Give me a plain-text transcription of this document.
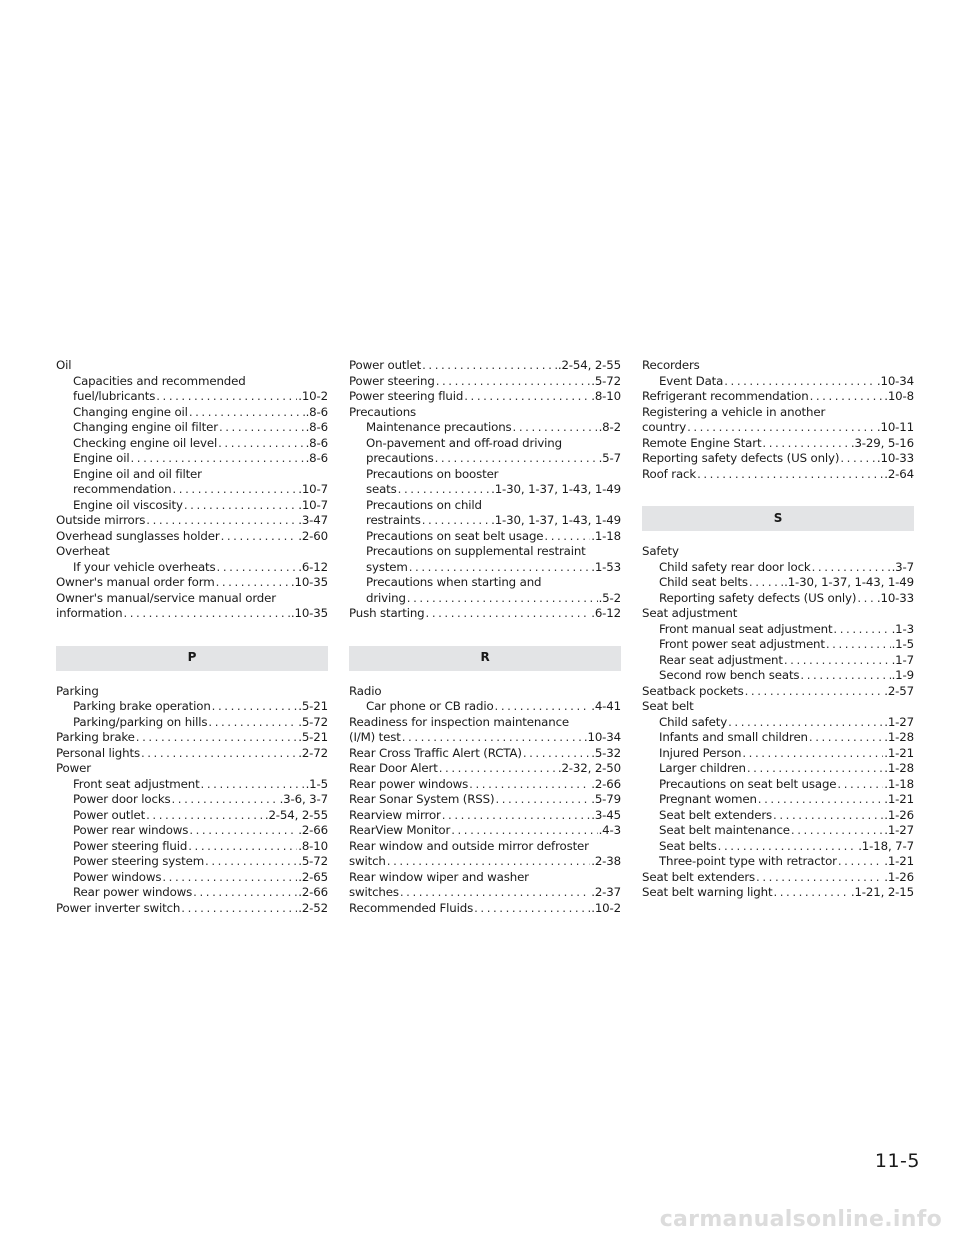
Oil
Capacities and recommended
fuel/lubricants . . .	.10-2
Changing engine oil . . .	.8-6
Changing engine oil filter . . .	.8-6
Checking engine oil level . . .	.8-6
Engine oil . . .	.8-6
Engine oil and oil filter
recommendation . . .	.10-7
Engine oil viscosity . . .	.10-7
Outside mirrors . . .	.3-47
Overhead sunglasses holder . . .	.2-60
Overheat
If your vehicle overheats . . .	.6-12
Owner's manual order form . . .	.10-35
Owner's manual/service manual order
information . . .	.10-35
P
Parking
Parking brake operation . . .	.5-21
Parking/parking on hills . . .	.5-72
Parking brake . . .	.5-21
Personal lights . . .	.2-72
Power
Front seat adjustment . . .	.1-5
Power door locks . . .	.3-6, 3-7
Power outlet . . .	.2-54, 2-55
Power rear windows . . .	.2-66
Power steering fluid . . .	.8-10
Power steering system . . .	.5-72
Power windows . . .	.2-65
Rear power windows . . .	.2-66
Power inverter switch . . .	.2-52
Power outlet . . .	.2-54, 2-55
Power steering . . .	.5-72
Power steering fluid . . .	.8-10
Precautions
Maintenance precautions . . .	.8-2
On-pavement and off-road driving
precautions . . .	.5-7
Precautions on booster
seats . . .	.1-30, 1-37, 1-43, 1-49
Precautions on child
restraints . . .	.1-30, 1-37, 1-43, 1-49
Precautions on seat belt usage . . .	.1-18
Precautions on supplemental restraint
system . . .	.1-53
Precautions when starting and
driving . . .	.5-2
Push starting . . .	.6-12
R
Radio
Car phone or CB radio . . .	.4-41
Readiness for inspection maintenance
(I/M) test . . .	.10-34
Rear Cross Traffic Alert (RCTA) . . .	.5-32
Rear Door Alert . . .	.2-32, 2-50
Rear power windows . . .	.2-66
Rear Sonar System (RSS) . . .	.5-79
Rearview mirror . . .	.3-45
RearView Monitor . . .	.4-3
Rear window and outside mirror defroster
switch . . .	.2-38
Rear window wiper and washer
switches . . .	.2-37
Recommended Fluids . . .	.10-2
Recorders
Event Data . . .	.10-34
Refrigerant recommendation . . .	.10-8
Registering a vehicle in another
country . . .	.10-11
Remote Engine Start . . .	.3-29, 5-16
Reporting safety defects (US only) . . .	.10-33
Roof rack . . .	.2-64
S
Safety
Child safety rear door lock . . .	.3-7
Child seat belts . . .	.1-30, 1-37, 1-43, 1-49
Reporting safety defects (US only) . . . .10-33
Seat adjustment
Front manual seat adjustment . . .	.1-3
Front power seat adjustment . . .	.1-5
Rear seat adjustment . . .	.1-7
Second row bench seats . . .	.1-9
Seatback pockets . . .	.2-57
Seat belt
Child safety . . .	.1-27
Infants and small children . . .	.1-28
Injured Person . . .	.1-21
Larger children . . .	.1-28
Precautions on seat belt usage . . .	.1-18
Pregnant women . . .	.1-21
Seat belt extenders . . .	.1-26
Seat belt maintenance . . .	.1-27
Seat belts . . .	.1-18, 7-7
Three-point type with retractor . . .	.1-21
Seat belt extenders . . .	.1-26
Seat belt warning light . . .	.1-21, 2-15
11-5
carmanualsonline.info
